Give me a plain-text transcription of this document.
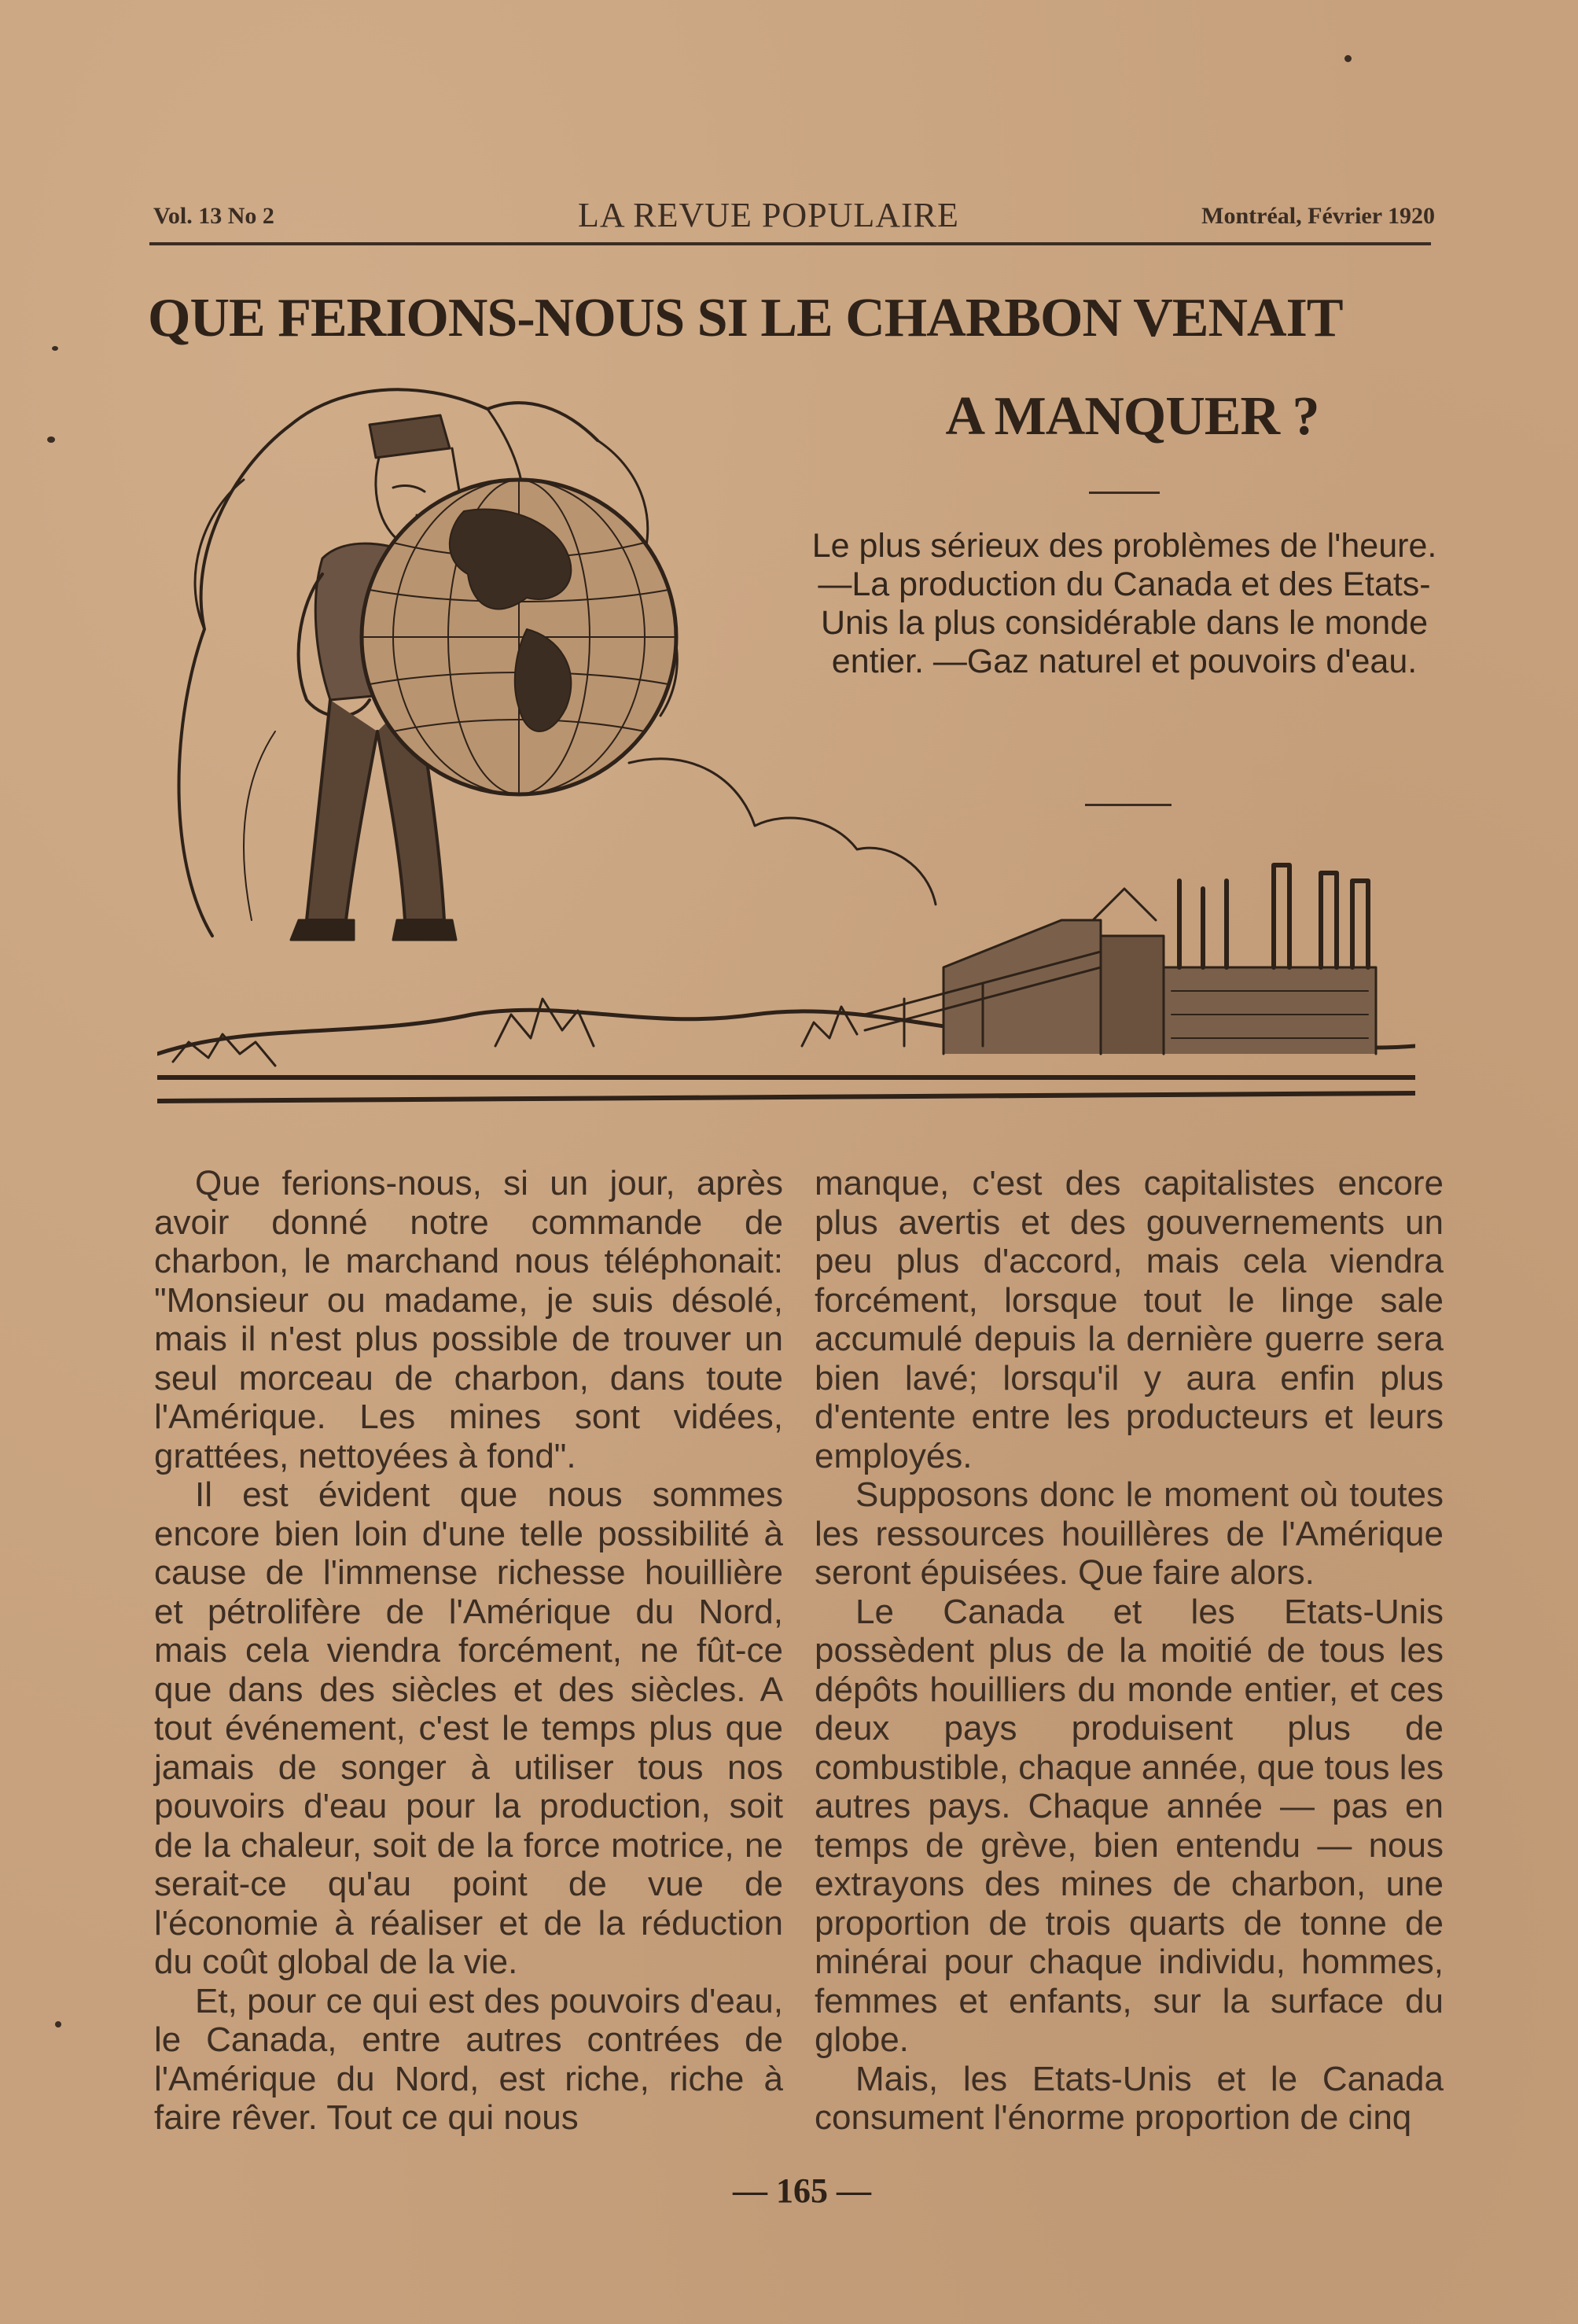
Vol. 13 No 2	LA REVUE POPULAIRE	Montréal, Février 1920
QUE FERIONS-NOUS SI LE CHARBON VENAIT
A MANQUER ?
Le plus sérieux des problèmes de l'heure.—La production du Canada et des Etats-Unis la plus considérable dans le monde entier. —Gaz naturel et pouvoirs d'eau.

Que ferions-nous, si un jour, après avoir donné notre commande de charbon, le marchand nous téléphonait: "Monsieur ou madame, je suis désolé, mais il n'est plus possible de trouver un seul morceau de charbon, dans toute l'Amérique. Les mines sont vidées, grattées, nettoyées à fond".

Il est évident que nous sommes encore bien loin d'une telle possibilité à cause de l'immense richesse houillière et pétrolifère de l'Amérique du Nord, mais cela viendra forcément, ne fût-ce que dans des siècles et des siècles. A tout événement, c'est le temps plus que jamais de songer à utiliser tous nos pouvoirs d'eau pour la production, soit de la chaleur, soit de la force motrice, ne serait-ce qu'au point de vue de l'économie à réaliser et de la réduction du coût global de la vie.

Et, pour ce qui est des pouvoirs d'eau, le Canada, entre autres contrées de l'Amérique du Nord, est riche, riche à faire rêver. Tout ce qui nous

manque, c'est des capitalistes encore plus avertis et des gouvernements un peu plus d'accord, mais cela viendra forcément, lorsque tout le linge sale accumulé depuis la dernière guerre sera bien lavé; lorsqu'il y aura enfin plus d'entente entre les producteurs et leurs employés.

Supposons donc le moment où toutes les ressources houillères de l'Amérique seront épuisées. Que faire alors.

Le Canada et les Etats-Unis possèdent plus de la moitié de tous les dépôts houilliers du monde entier, et ces deux pays produisent plus de combustible, chaque année, que tous les autres pays. Chaque année — pas en temps de grève, bien entendu — nous extrayons des mines de charbon, une proportion de trois quarts de tonne de minérai pour chaque individu, hommes, femmes et enfants, sur la surface du globe.

Mais, les Etats-Unis et le Canada consument l'énorme proportion de cinq

— 165 —
